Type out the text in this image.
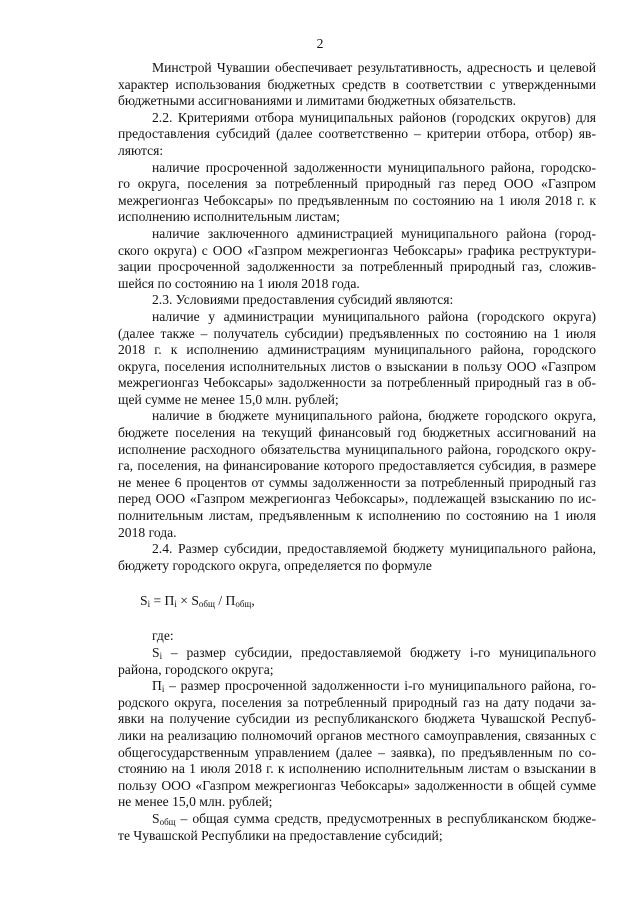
2
Минстрой Чувашии обеспечивает результативность, адресность и целевой
характер использования бюджетных средств в соответствии с утвержденными
бюджетными ассигнованиями и лимитами бюджетных обязательств.
2.2. Критериями отбора муниципальных районов (городских округов) для
предоставления субсидий (далее соответственно – критерии отбора, отбор) яв-
ляются:
наличие просроченной задолженности муниципального района, городско-
го округа, поселения за потребленный природный газ перед ООО «Газпром
межрегионгаз Чебоксары» по предъявленным по состоянию на 1 июля 2018 г. к
исполнению исполнительным листам;
наличие заключенного администрацией муниципального района (город-
ского округа) с ООО «Газпром межрегионгаз Чебоксары» графика реструктури-
зации просроченной задолженности за потребленный природный газ, сложив-
шейся по состоянию на 1 июля 2018 года.
2.3. Условиями предоставления субсидий являются:
наличие у администрации муниципального района (городского округа)
(далее также – получатель субсидии) предъявленных по состоянию на 1 июля
2018 г. к исполнению администрациям муниципального района, городского
округа, поселения исполнительных листов о взыскании в пользу ООО «Газпром
межрегионгаз Чебоксары» задолженности за потребленный природный газ в об-
щей сумме не менее 15,0 млн. рублей;
наличие в бюджете муниципального района, бюджете городского округа,
бюджете поселения на текущий финансовый год бюджетных ассигнований на
исполнение расходного обязательства муниципального района, городского окру-
га, поселения, на финансирование которого предоставляется субсидия, в размере
не менее 6 процентов от суммы задолженности за потребленный природный газ
перед ООО «Газпром межрегионгаз Чебоксары», подлежащей взысканию по ис-
полнительным листам, предъявленным к исполнению по состоянию на 1 июля
2018 года.
2.4. Размер субсидии, предоставляемой бюджету муниципального района,
бюджету городского округа, определяется по формуле
$S_i = П_i \times S_{общ} / П_{общ}$,
где:
$S_i$ – размер субсидии, предоставляемой бюджету i-го муниципального
района, городского округа;
$П_i$ – размер просроченной задолженности i-го муниципального района, го-
родского округа, поселения за потребленный природный газ на дату подачи за-
явки на получение субсидии из республиканского бюджета Чувашской Респуб-
лики на реализацию полномочий органов местного самоуправления, связанных с
общегосударственным управлением (далее – заявка), по предъявленным по со-
стоянию на 1 июля 2018 г. к исполнению исполнительным листам о взыскании в
пользу ООО «Газпром межрегионгаз Чебоксары» задолженности в общей сумме
не менее 15,0 млн. рублей;
$S_{общ}$ – общая сумма средств, предусмотренных в республиканском бюдже-
те Чувашской Республики на предоставление субсидий;
